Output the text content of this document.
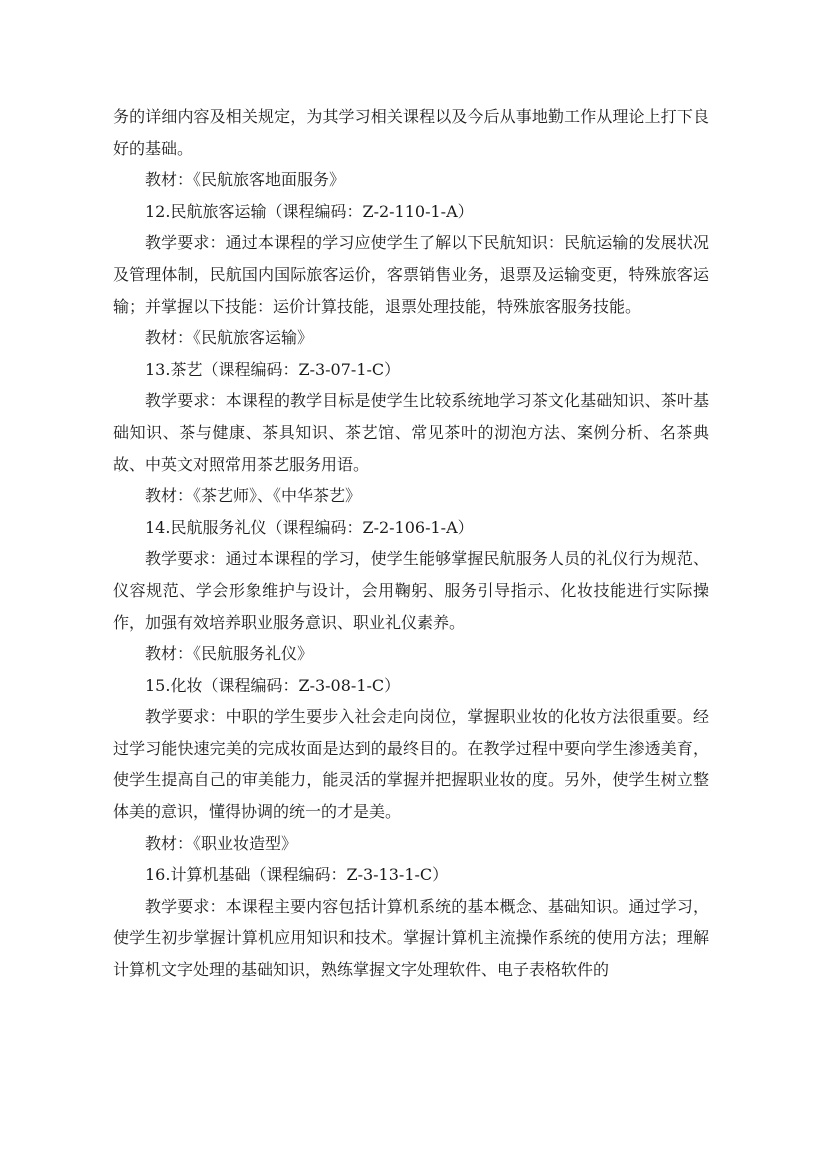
务的详细内容及相关规定，为其学习相关课程以及今后从事地勤工作从理论上打下良好的基础。

教材：《民航旅客地面服务》

12.民航旅客运输（课程编码：Z-2-110-1-A）

教学要求：通过本课程的学习应使学生了解以下民航知识：民航运输的发展状况及管理体制，民航国内国际旅客运价，客票销售业务，退票及运输变更，特殊旅客运输；并掌握以下技能：运价计算技能，退票处理技能，特殊旅客服务技能。

教材：《民航旅客运输》

13.茶艺（课程编码：Z-3-07-1-C）

教学要求：本课程的教学目标是使学生比较系统地学习茶文化基础知识、茶叶基础知识、茶与健康、茶具知识、茶艺馆、常见茶叶的沏泡方法、案例分析、名茶典故、中英文对照常用茶艺服务用语。

教材：《茶艺师》、《中华茶艺》

14.民航服务礼仪（课程编码：Z-2-106-1-A）

教学要求：通过本课程的学习，使学生能够掌握民航服务人员的礼仪行为规范、仪容规范、学会形象维护与设计，会用鞠躬、服务引导指示、化妆技能进行实际操作，加强有效培养职业服务意识、职业礼仪素养。

教材：《民航服务礼仪》

15.化妆（课程编码：Z-3-08-1-C）

教学要求：中职的学生要步入社会走向岗位，掌握职业妆的化妆方法很重要。经过学习能快速完美的完成妆面是达到的最终目的。在教学过程中要向学生渗透美育，使学生提高自己的审美能力，能灵活的掌握并把握职业妆的度。另外，使学生树立整体美的意识，懂得协调的统一的才是美。

教材：《职业妆造型》

16.计算机基础（课程编码：Z-3-13-1-C）

教学要求：本课程主要内容包括计算机系统的基本概念、基础知识。通过学习，使学生初步掌握计算机应用知识和技术。掌握计算机主流操作系统的使用方法；理解计算机文字处理的基础知识，熟练掌握文字处理软件、电子表格软件的
